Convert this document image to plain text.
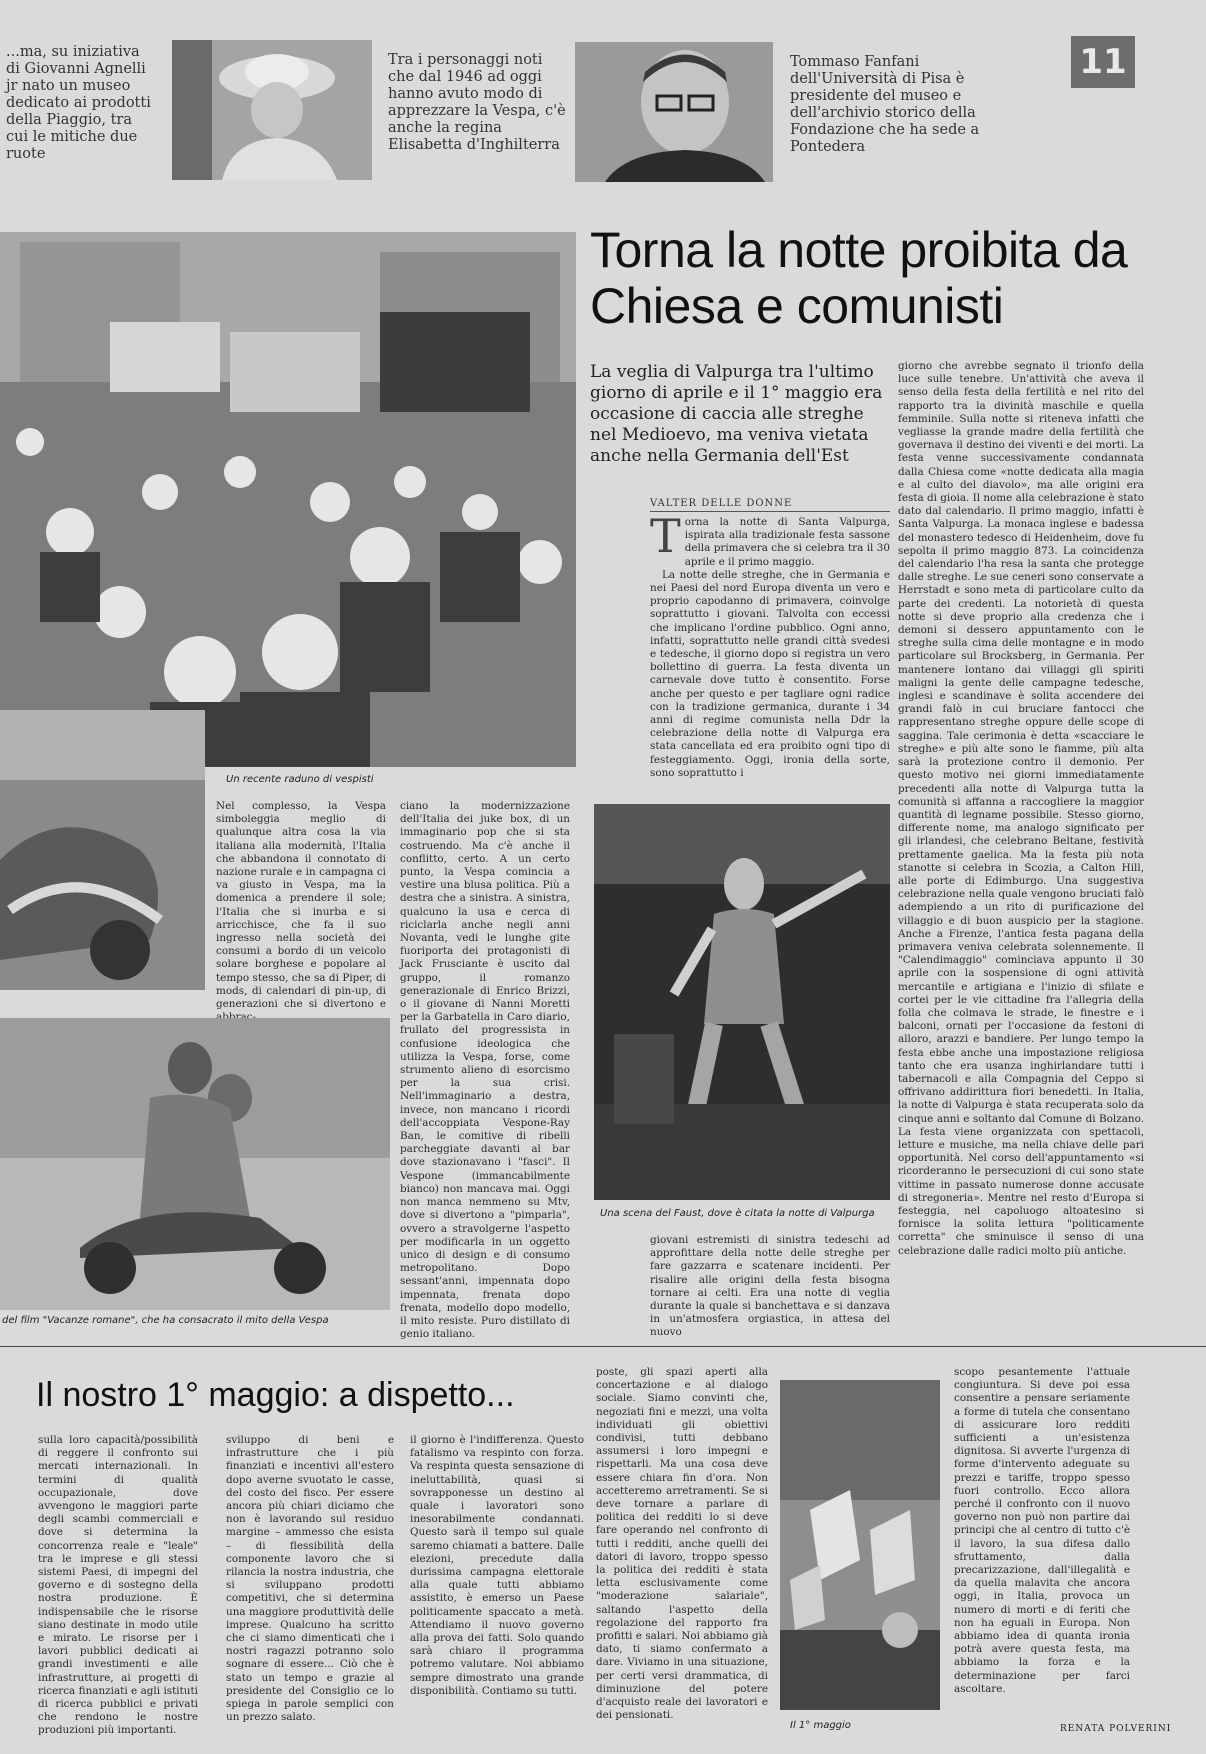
...ma, su iniziativa di Giovanni Agnelli jr nato un museo dedicato ai prodotti della Piaggio, tra cui le mitiche due ruote
Tra i personaggi noti che dal 1946 ad oggi hanno avuto modo di apprezzare la Vespa, c'è anche la regina Elisabetta d'Inghilterra
Tommaso Fanfani dell'Università di Pisa è presidente del museo e dell'archivio storico della Fondazione che ha sede a Pontedera
11
Un recente raduno di vespisti
Nel complesso, la Vespa simboleggia meglio di qualunque altra cosa la via italiana alla modernità, l'Italia che abbandona il connotato di nazione rurale e in campagna ci va giusto in Vespa, ma la domenica a prendere il sole; l'Italia che si inurba e si arricchisce, che fa il suo ingresso nella società dei consumi a bordo di un veicolo solare borghese e popolare al tempo stesso, che sa di Piper, di mods, di calendari di pin-up, di generazioni che si divertono e
ciano la modernizzazione dell'Italia dei juke box, di un immaginario pop che si sta costruendo. Ma c'è anche il conflitto, certo. A un certo punto, la Vespa comincia a vestire una blusa politica. Più a destra che a sinistra. A sinistra, qualcuno la usa e cerca di riciclarla anche negli anni Novanta, vedi le lunghe gite fuoriporta dei protagonisti di Jack Frusciante è uscito dal gruppo, il romanzo generazionale di Enrico Brizzi, o il giovane di Nanni Moretti per la Garbatella in Caro diario, frullato del progressista in confusione ideologica che utilizza la Vespa, forse, come strumento alieno di esorcismo per la sua crisi. Nell'immaginario a destra, invece, non mancano i ricordi dell'accoppiata Vespone-Ray Ban, le comitive di ribelli parcheggiate davanti al bar dove stazionavano i "fasci". Il Vespone (immancabilmente bianco) non mancava mai. Oggi non manca nemmeno su Mtv, dove si divertono a "pimparla", ovvero a stravolgerne l'aspetto per modificarla in un oggetto unico di design e di consumo metropolitano. Dopo sessant'anni, impennata dopo impennata, frenata dopo frenata, modello dopo modello, il mito resiste. Puro distillato di genio italiano.
del film "Vacanze romane", che ha consacrato il mito della Vespa
Torna la notte proibita da Chiesa e comunisti
La veglia di Valpurga tra l'ultimo giorno di aprile e il 1° maggio era occasione di caccia alle streghe nel Medioevo, ma veniva vietata anche nella Germania dell'Est
VALTER DELLE DONNE
T orna la notte di Santa Valpurga, ispirata alla tradizionale festa sassone della primavera che si celebra tra il 30 aprile e il primo maggio.

La notte delle streghe, che in Germania e nei Paesi del nord Europa diventa un vero e proprio capodanno di primavera, coinvolge soprattutto i giovani. Talvolta con eccessi che implicano l'ordine pubblico. Ogni anno, infatti, soprattutto nelle grandi città svedesi e tedesche, il giorno dopo si registra un vero bollettino di guerra. La festa diventa un carnevale dove tutto è consentito. Forse anche per questo e per tagliare ogni radice con la tradizione germanica, durante i 34 anni di regime comunista nella Ddr la celebrazione della notte di Valpurga era stata cancellata ed era proibito ogni tipo di festeggiamento. Oggi, ironia della sorte, sono soprattutto i

Una scena del Faust, dove è citata la notte di Valpurga
giovani estremisti di sinistra tedeschi ad approfittare della notte delle streghe per fare gazzarra e scatenare incidenti. Per risalire alle origini della festa bisogna tornare ai celti. Era una notte di veglia durante la quale si banchettava e si danzava in un'atmosfera orgiastica, in attesa del nuovo
giorno che avrebbe segnato il trionfo della luce sulle tenebre. Un'attività che aveva il senso della festa della fertilità e nel rito del rapporto tra la divinità maschile e quella femminile. Sulla notte si riteneva infatti che vegliasse la grande madre della fertilità che governava il destino dei viventi e dei morti. La festa venne successivamente condannata dalla Chiesa come «notte dedicata alla magia e al culto del diavolo», ma alle origini era festa di gioia. Il nome alla celebrazione è stato dato dal calendario. Il primo maggio, infatti è Santa Valpurga. La monaca inglese e badessa del monastero tedesco di Heidenheim, dove fu sepolta il primo maggio 873. La coincidenza del calendario l'ha resa la santa che protegge dalle streghe. Le sue ceneri sono conservate a Herrstadt e sono meta di particolare culto da parte dei credenti. La notorietà di questa notte si deve proprio alla credenza che i demoni si dessero appuntamento con le streghe sulla cima delle montagne e in modo particolare sul Brocksberg, in Germania. Per mantenere lontano dai villaggi gli spiriti maligni la gente delle campagne tedesche, inglesi e scandinave è solita accendere dei grandi falò in cui bruciare fantocci che rappresentano streghe oppure delle scope di saggina. Tale cerimonia è detta «scacciare le streghe» e più alte sono le fiamme, più alta sarà la protezione contro il demonio. Per questo motivo nei giorni immediatamente precedenti alla notte di Valpurga tutta la comunità si affanna a raccogliere la maggior quantità di legname possibile. Stesso giorno, differente nome, ma analogo significato per gli irlandesi, che celebrano Beltane, festività prettamente gaelica. Ma la festa più nota stanotte si celebra in Scozia, a Calton Hill, alle porte di Edimburgo. Una suggestiva celebrazione nella quale vengono bruciati falò adempiendo a un rito di purificazione del villaggio e di buon auspicio per la stagione. Anche a Firenze, l'antica festa pagana della primavera veniva celebrata solennemente. Il "Calendimaggio" cominciava appunto il 30 aprile con la sospensione di ogni attività mercantile e artigiana e l'inizio di sfilate e cortei per le vie cittadine fra l'allegria della folla che colmava le strade, le finestre e i balconi, ornati per l'occasione da festoni di alloro, arazzi e bandiere. Per lungo tempo la festa ebbe anche una impostazione religiosa tanto che era usanza inghirlandare tutti i tabernacoli e alla Compagnia del Ceppo si offrivano addirittura fiori benedetti. In Italia, la notte di Valpurga è stata recuperata solo da cinque anni e soltanto dal Comune di Bolzano. La festa viene organizzata con spettacoli, letture e musiche, ma nella chiave delle pari opportunità. Nel corso dell'appuntamento «si ricorderanno le persecuzioni di cui sono state vittime in passato numerose donne accusate di stregoneria». Mentre nel resto d'Europa si festeggia, nel capoluogo altoatesino si fornisce la solita lettura "politicamente corretta" che sminuisce il senso di una celebrazione dalle radici molto più antiche.
Il nostro 1° maggio: a dispetto...
sulla loro capacità/possibilità di reggere il confronto sui mercati internazionali. In termini di qualità occupazionale, dove avvengono le maggiori parte degli scambi commerciali e dove si determina la concorrenza reale e "leale" tra le imprese e gli stessi sistemi Paesi, di impegni del governo e di sostegno della nostra produzione. È indispensabile che le risorse siano destinate in modo utile e mirato. Le risorse per i lavori pubblici dedicati ai grandi investimenti e alle infrastrutture, ai progetti di ricerca finanziati e agli istituti di ricerca pubblici e privati che rendono le nostre produzioni più importanti.
sviluppo di beni e infrastrutture che i più finanziati e incentivi all'estero dopo averne svuotato le casse, del costo del fisco. Per essere ancora più chiari diciamo che non è lavorando sul residuo margine – ammesso che esista – di flessibilità della componente lavoro che si rilancia la nostra industria, che si sviluppano prodotti competitivi, che si determina una maggiore produttività delle imprese. Qualcuno ha scritto che ci siamo dimenticati che i nostri ragazzi potranno solo sognare di essere... Ciò che è stato un tempo e grazie al presidente del Consiglio ce lo spiega in parole semplici con un prezzo salato.
il giorno è l'indifferenza. Questo fatalismo va respinto con forza. Va respinta questa sensazione di ineluttabilità, quasi si sovrapponesse un destino al quale i lavoratori sono inesorabilmente condannati. Questo sarà il tempo sul quale saremo chiamati a battere. Dalle elezioni, precedute dalla durissima campagna elettorale alla quale tutti abbiamo assistito, è emerso un Paese politicamente spaccato a metà. Attendiamo il nuovo governo alla prova dei fatti. Solo quando sarà chiaro il programma potremo valutare. Noi abbiamo sempre dimostrato una grande disponibilità. Contiamo su tutti.
poste, gli spazi aperti alla concertazione e al dialogo sociale. Siamo convinti che, negoziati fini e mezzi, una volta individuati gli obiettivi condivisi, tutti debbano assumersi i loro impegni e rispettarli. Ma una cosa deve essere chiara fin d'ora. Non accetteremo arretramenti. Se si deve tornare a parlare di politica dei redditi lo si deve fare operando nel confronto di tutti i redditi, anche quelli dei datori di lavoro, troppo spesso la politica dei redditi è stata letta esclusivamente come "moderazione salariale", saltando l'aspetto della regolazione del rapporto fra profitti e salari. Noi abbiamo già dato, ti siamo confermato a dare. Viviamo in una situazione, per certi versi drammatica, di diminuzione del potere d'acquisto reale dei lavoratori e dei pensionati.
Il 1° maggio
scopo pesantemente l'attuale congiuntura. Si deve poi essa consentire a pensare seriamente a forme di tutela che consentano di assicurare loro redditi sufficienti a un'esistenza dignitosa. Si avverte l'urgenza di forme d'intervento adeguate su prezzi e tariffe, troppo spesso fuori controllo. Ecco allora perché il confronto con il nuovo governo non può non partire dai principi che al centro di tutto c'è il lavoro, la sua difesa dallo sfruttamento, dalla precarizzazione, dall'illegalità e da quella malavita che ancora oggi, in Italia, provoca un numero di morti e di feriti che non ha eguali in Europa. Non abbiamo idea di quanta ironia potrà avere questa festa, ma abbiamo la forza e la determinazione per farci ascoltare.
RENATA POLVERINI
